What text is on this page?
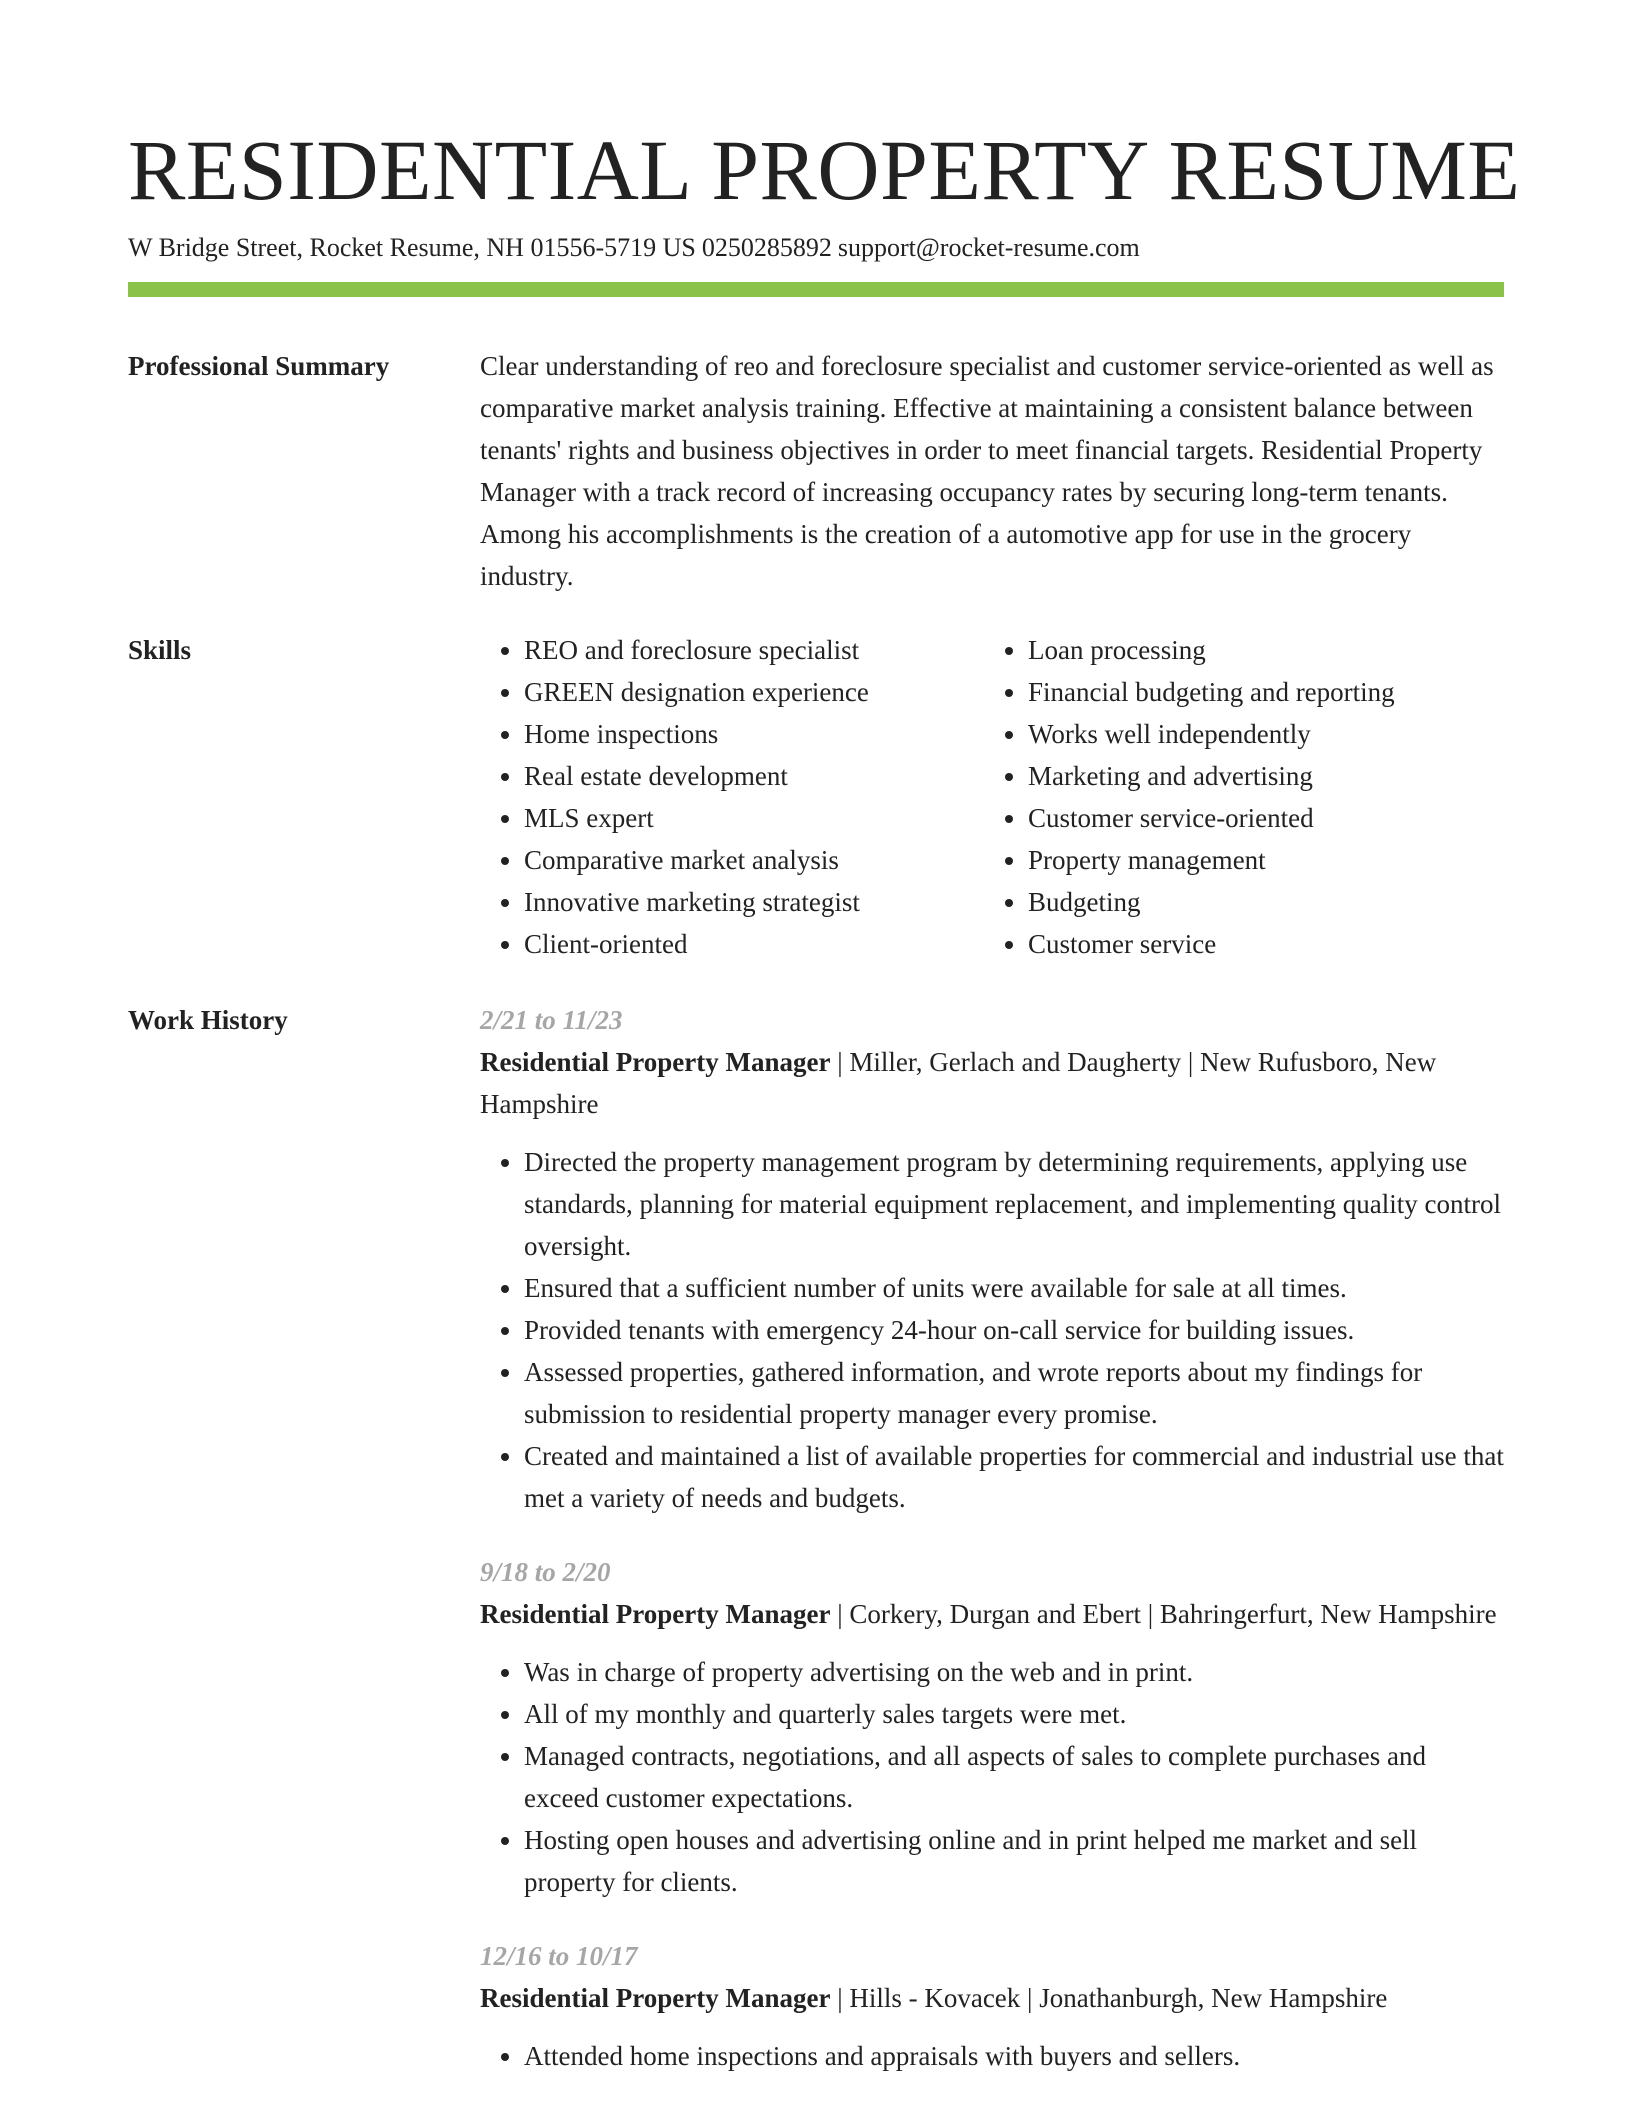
RESIDENTIAL PROPERTY RESUME
W Bridge Street, Rocket Resume, NH 01556-5719 US 0250285892 support@rocket-resume.com
Professional Summary	Clear understanding of reo and foreclosure specialist and customer service-oriented as well as comparative market analysis training. Effective at maintaining a consistent balance between tenants' rights and business objectives in order to meet financial targets. Residential Property Manager with a track record of increasing occupancy rates by securing long-term tenants. Among his accomplishments is the creation of a automotive app for use in the grocery industry.

Skills
•	REO and foreclosure specialist
• GREEN designation experience
• Home inspections
• Real estate development
• MLS expert
• Comparative market analysis
• Innovative marketing strategist
• Client-oriented
• Loan processing
• Financial budgeting and reporting
• Works well independently
• Marketing and advertising
• Customer service-oriented
• Property management
• Budgeting
• Customer service
Work History	2/21 to 11/23
Residential Property Manager | Miller, Gerlach and Daugherty | New Rufusboro, New Hampshire
• Directed the property management program by determining requirements, applying use standards, planning for material equipment replacement, and implementing quality control oversight.
• Ensured that a sufficient number of units were available for sale at all times.
• Provided tenants with emergency 24-hour on-call service for building issues.
• Assessed properties, gathered information, and wrote reports about my findings for submission to residential property manager every promise.
• Created and maintained a list of available properties for commercial and industrial use that met a variety of needs and budgets.
9/18 to 2/20
Residential Property Manager | Corkery, Durgan and Ebert | Bahringerfurt, New Hampshire
• Was in charge of property advertising on the web and in print.
• All of my monthly and quarterly sales targets were met.
• Managed contracts, negotiations, and all aspects of sales to complete purchases and exceed customer expectations.
• Hosting open houses and advertising online and in print helped me market and sell property for clients.
12/16 to 10/17
Residential Property Manager | Hills - Kovacek | Jonathanburgh, New Hampshire
• Attended home inspections and appraisals with buyers and sellers.
